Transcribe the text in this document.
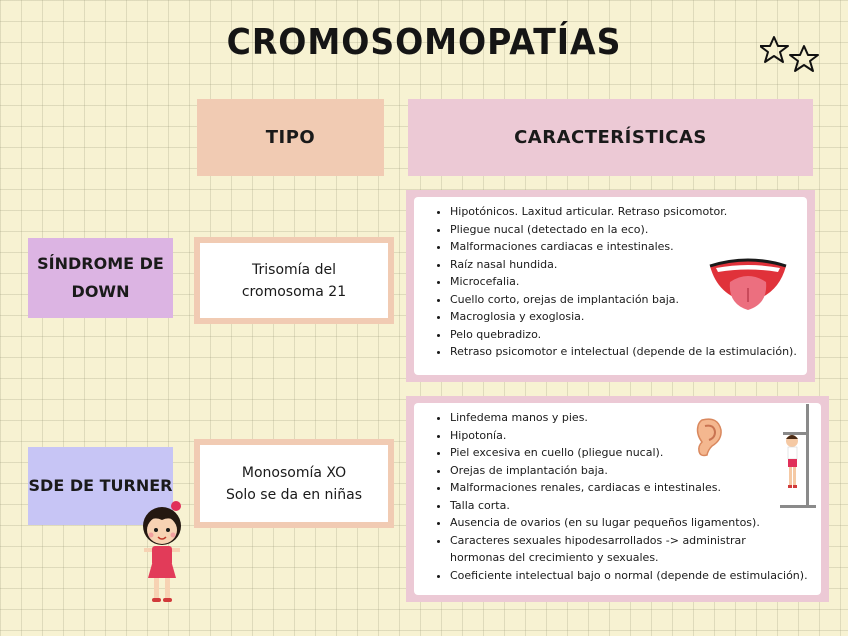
CROMOSOMOPATÍAS
TIPO	CARACTERÍSTICAS
SÍNDROME DE
DOWN
Trisomía del
cromosoma 21
• Hipotónicos. Laxitud articular. Retraso psicomotor.
• Pliegue nucal (detectado en la eco).
• Malformaciones cardiacas e intestinales.
• Raíz nasal hundida.
• Microcefalia.
• Cuello corto, orejas de implantación baja.
• Macroglosia y exoglosia.
• Pelo quebradizo.
• Retraso psicomotor e intelectual (depende de la estimulación).
SDE DE TURNER
Monosomía XO
Solo se da en niñas
• Linfedema manos y pies.
• Hipotonía.
• Piel excesiva en cuello (pliegue nucal).
• Orejas de implantación baja.
• Malformaciones renales, cardiacas e intestinales.
• Talla corta.
• Ausencia de ovarios (en su lugar pequeños ligamentos).
• Caracteres sexuales hipodesarrollados -> administrar hormonas del crecimiento y sexuales.
• Coeficiente intelectual bajo o normal (depende de estimulación).
